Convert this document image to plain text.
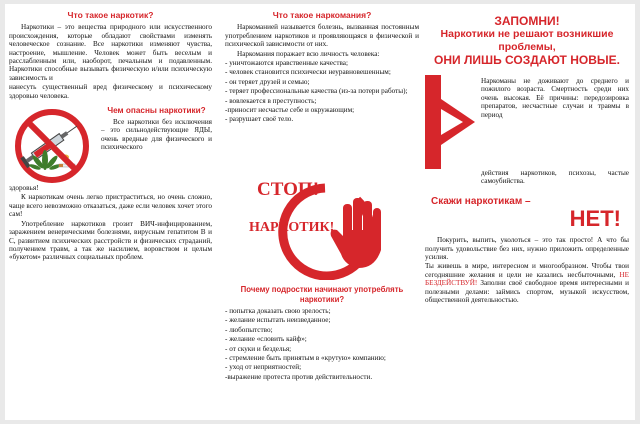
Что такое наркотик?

Наркотики – это вещества природного или искусственного происхождения, которые обладают свойствами изменять человеческое сознание. Все наркотики изменяют чувства, настроение, мышление. Человек может быть веселым и расслабленным или, наоборот, печальным и подавленным. Наркотики способные вызывать физическую и/или психическую зависимость и

нанесуть существенный вред физическому и психическому здоровью человека.

Чем опасны наркотики?

Все наркотики без исключения – это сильнодействующие ЯДЫ, очень вредные для физического и психического

здоровья!

К наркотикам очень легко пристраститься, но очень сложно, чаще всего невозможно отказаться, даже если человек хочет этого сам!

Употребление наркотиков грозит ВИЧ-инфицированием, заражением венерическими болезнями, вирусным гепатитом В и С, развитием психических расстройств и физических страданий, получением травм, а так же насилием, воровством и целым «букетом» различных социальных проблем.

Что такое наркомания?

Наркоманией называется болезнь, вызванная постоянным употреблением наркотиков и проявляющаяся в физической и психической зависимости от них.

Наркомания поражает всю личность человека:

- уничтожаются нравственные качества;

- человек становится психически неуравновешенным;

- он теряет друзей и семью;

- теряет профессиональные качества (из-за потери работы);

- вовлекается в преступность;

-приносит несчастье себе и окружающим;

- разрушает своё тело.

СТОП!
НАРКОТИК!
Почему подростки начинают употреблять наркотики?

- попытка доказать свою зрелость;

- желание испытать неизведанное;

- любопытство;

- желание «словить кайф»;

- от скуки и безделья;

- стремление быть принятым в «крутую» компанию;

- уход от неприятностей;

-выражение протеста против действительности.

ЗАПОМНИ!
Наркотики не решают возникшие проблемы,
ОНИ ЛИШЬ СОЗДАЮТ НОВЫЕ.

Наркоманы не доживают до среднего и пожилого возраста. Смертность среди них очень высокая. Её причины: передозировка препаратов, несчастные случаи и травмы в период

действия наркотиков, психозы, частые самоубийства.

Скажи наркотикам –
НЕТ!

Покурить, выпить, уколоться – это так просто! А что бы получить удовольствие без них, нужно приложить определенные усилия.

Ты живешь в мире, интересном и многообразном. Чтобы твои сегодняшние желания и цели не казались несбыточными, НЕ БЕЗДЕЙСТВУЙ! Заполни своё свободное время интересными и полезными делами: займись спортом, музыкой искусством, общественной деятельностью.
